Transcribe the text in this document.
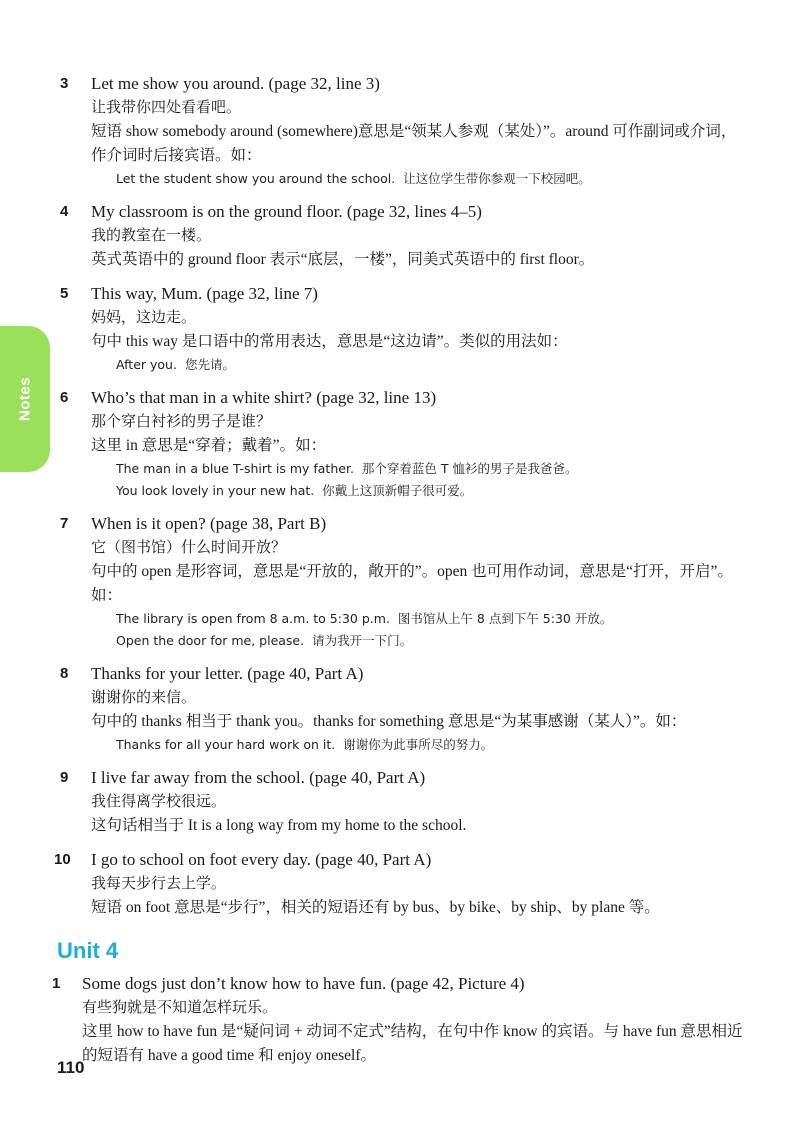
Notes
3	Let me show you around. (page 32, line 3)
让我带你四处看看吧。
短语 show somebody around (somewhere)意思是“领某人参观（某处）”。around 可作副词或介词，作介词时后接宾语。如：
Let the student show you around the school. 让这位学生带你参观一下校园吧。
4	My classroom is on the ground floor. (page 32, lines 4–5)
我的教室在一楼。
英式英语中的 ground floor 表示“底层，一楼”，同美式英语中的 first floor。
5	This way, Mum. (page 32, line 7)
妈妈，这边走。
句中 this way 是口语中的常用表达，意思是“这边请”。类似的用法如：
After you. 您先请。
6	Who’s that man in a white shirt? (page 32, line 13)
那个穿白衬衫的男子是谁？
这里 in 意思是“穿着；戴着”。如：
The man in a blue T-shirt is my father. 那个穿着蓝色 T 恤衫的男子是我爸爸。
You look lovely in your new hat. 你戴上这顶新帽子很可爱。
7	When is it open? (page 38, Part B)
它（图书馆）什么时间开放？
句中的 open 是形容词，意思是“开放的，敞开的”。open 也可用作动词，意思是“打开，开启”。如：
The library is open from 8 a.m. to 5:30 p.m. 图书馆从上午 8 点到下午 5:30 开放。
Open the door for me, please. 请为我开一下门。
8	Thanks for your letter. (page 40, Part A)
谢谢你的来信。
句中的 thanks 相当于 thank you。thanks for something 意思是“为某事感谢（某人）”。如：
Thanks for all your hard work on it. 谢谢你为此事所尽的努力。
9	I live far away from the school. (page 40, Part A)
我住得离学校很远。
这句话相当于 It is a long way from my home to the school.
10	I go to school on foot every day. (page 40, Part A)
我每天步行去上学。
短语 on foot 意思是“步行”，相关的短语还有 by bus、by bike、by ship、by plane 等。
Unit 4
1	Some dogs just don’t know how to have fun. (page 42, Picture 4)
有些狗就是不知道怎样玩乐。
这里 how to have fun 是“疑问词 + 动词不定式”结构，在句中作 know 的宾语。与 have fun 意思相近的短语有 have a good time 和 enjoy oneself。
110
